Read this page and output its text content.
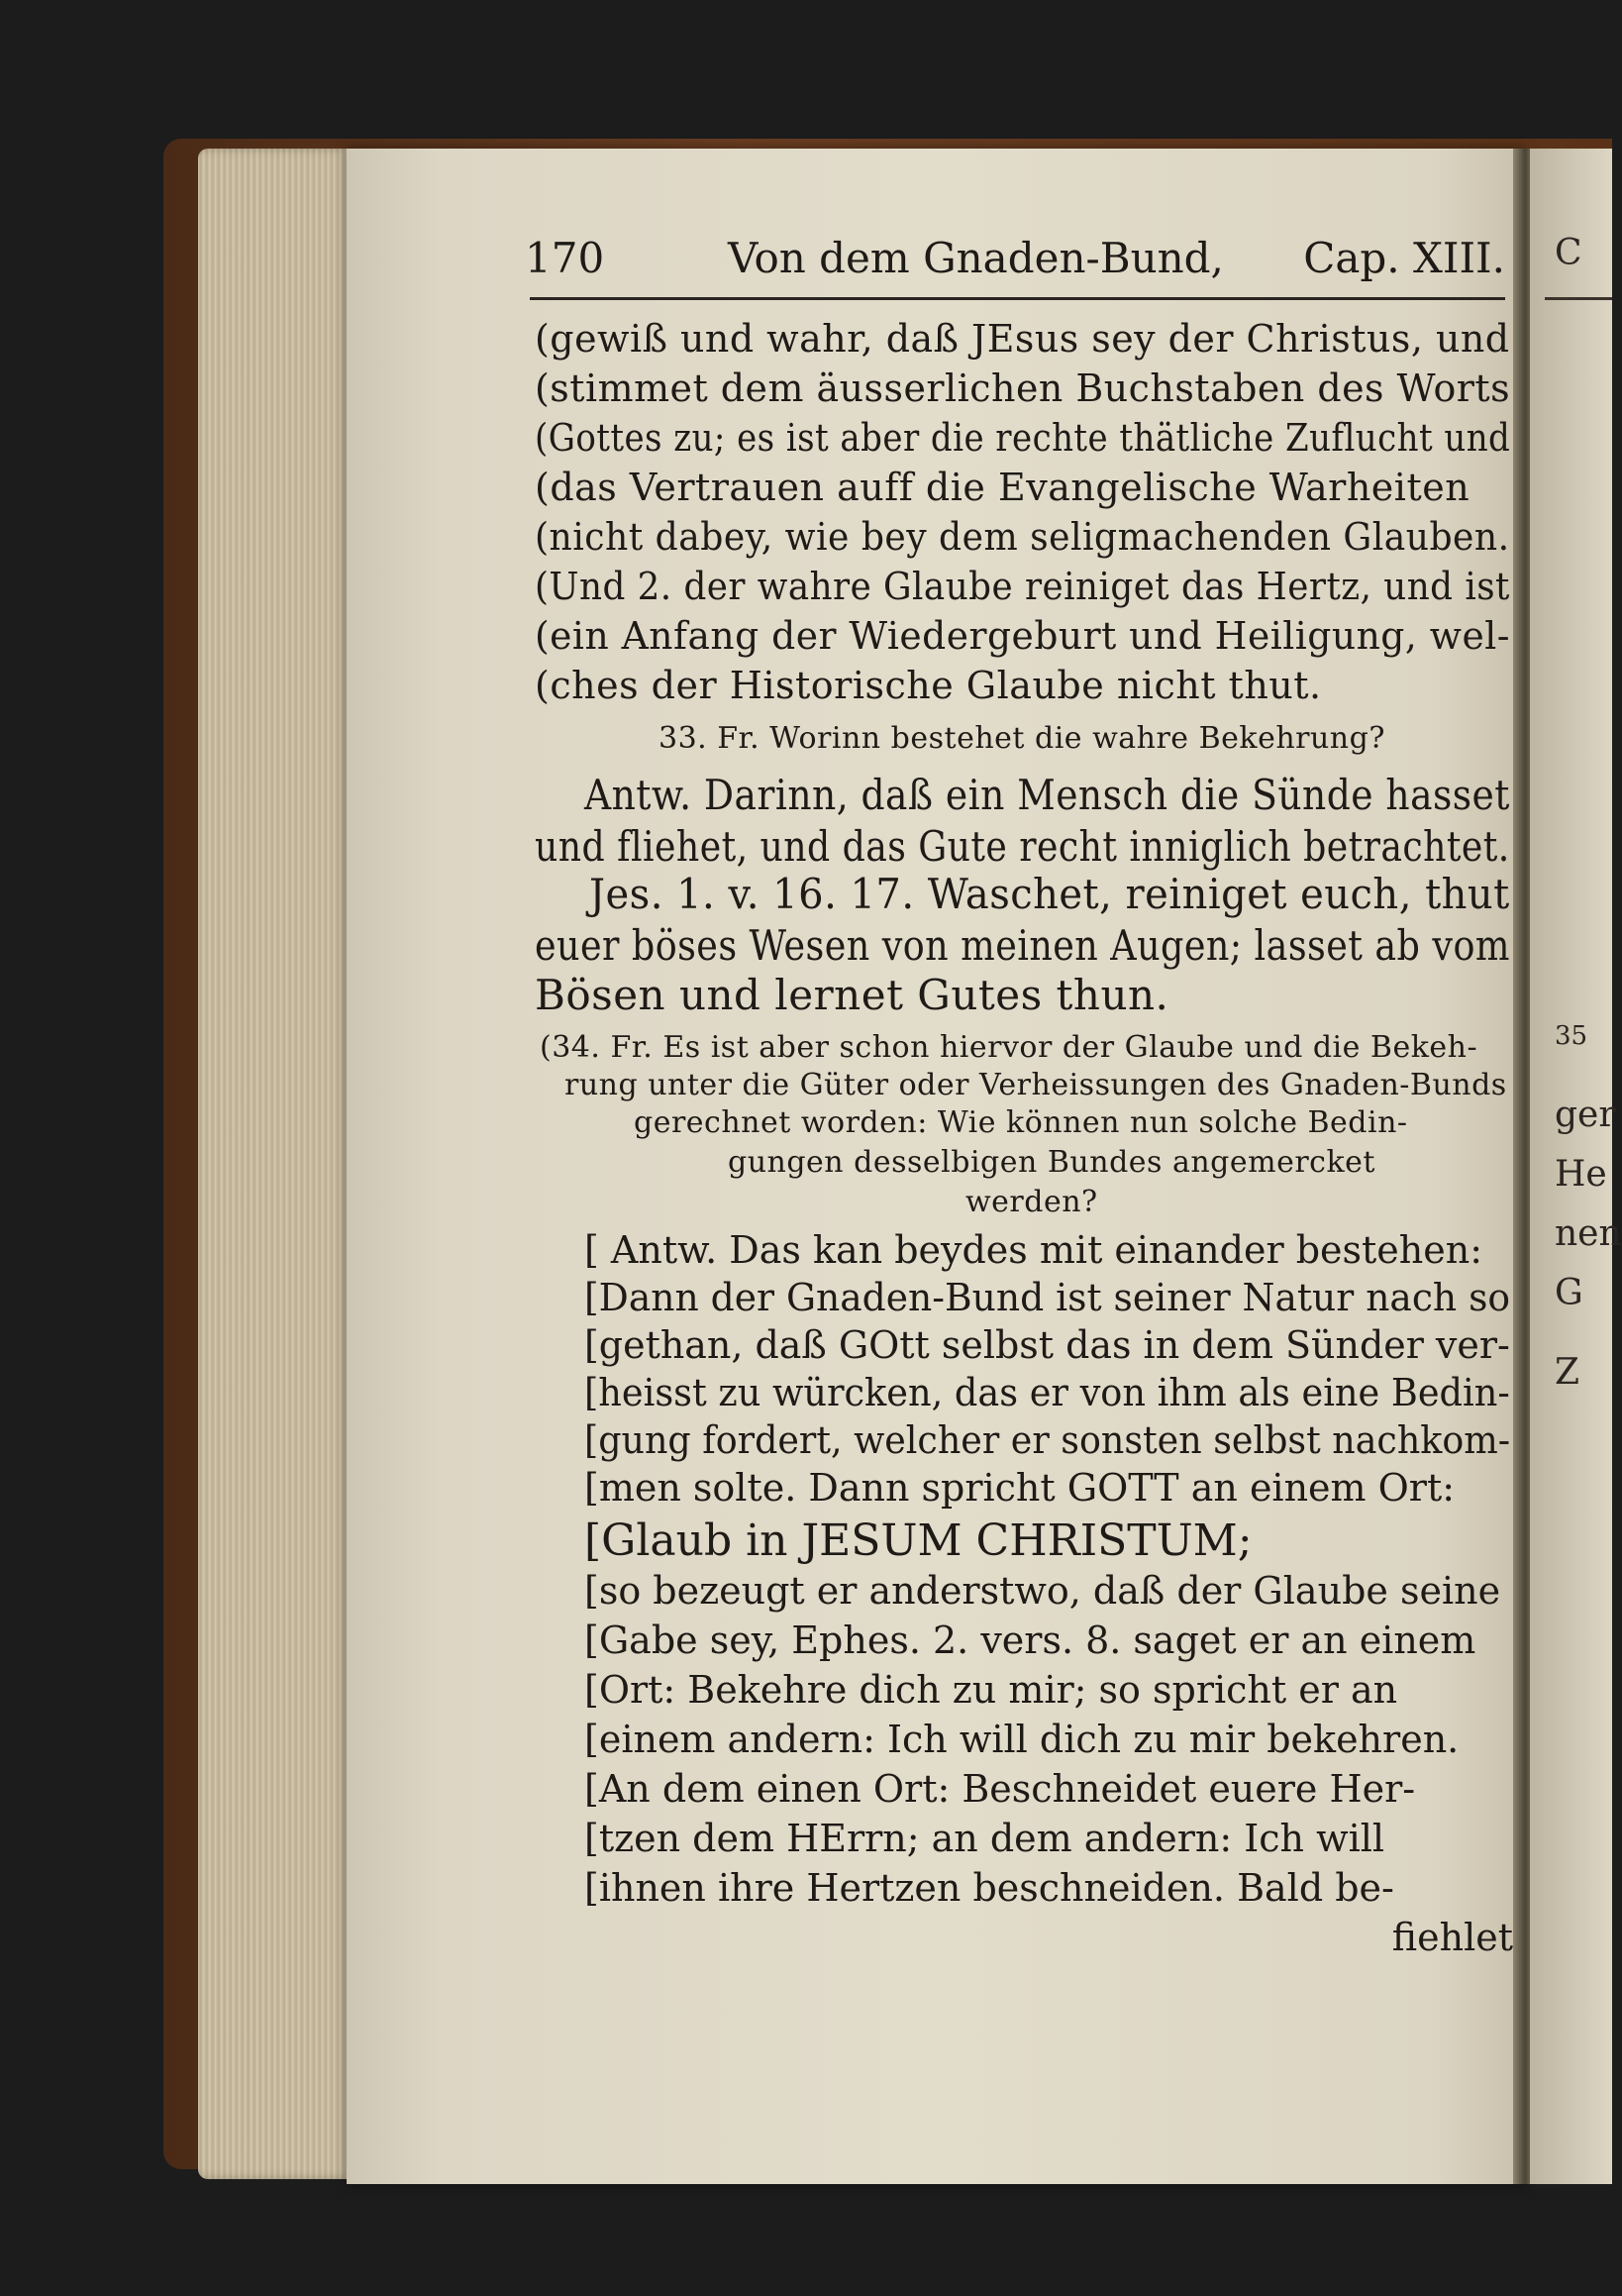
C
35
ger
He
nen
G
Z
170	Von dem Gnaden-Bund, Cap. XIII.
(gewiß und wahr, daß JEsus sey der Christus, und
(stimmet dem äusserlichen Buchstaben des Worts
(Gottes zu; es ist aber die rechte thätliche Zuflucht und
(das Vertrauen auff die Evangelische Warheiten
(nicht dabey, wie bey dem seligmachenden Glauben.
(Und 2. der wahre Glaube reiniget das Hertz, und ist
(ein Anfang der Wiedergeburt und Heiligung, wel-
(ches der Historische Glaube nicht thut.
33. Fr. Worinn bestehet die wahre Bekehrung?
Antw. Darinn, daß ein Mensch die Sünde hasset
und fliehet, und das Gute recht inniglich betrachtet.
Jes. 1. v. 16. 17. Waschet, reiniget euch, thut
euer böses Wesen von meinen Augen; lasset ab vom
Bösen und lernet Gutes thun.
(34. Fr. Es ist aber schon hiervor der Glaube und die Bekeh-
rung unter die Güter oder Verheissungen des Gnaden-Bunds
gerechnet worden: Wie können nun solche Bedin-
gungen desselbigen Bundes angemercket
werden?
[ Antw. Das kan beydes mit einander bestehen:
[Dann der Gnaden-Bund ist seiner Natur nach so
[gethan, daß GOtt selbst das in dem Sünder ver-
[heisst zu würcken, das er von ihm als eine Bedin-
[gung fordert, welcher er sonsten selbst nachkom-
[men solte. Dann spricht GOTT an einem Ort:
[Glaub in JESUM CHRISTUM;
[so bezeugt er anderstwo, daß der Glaube seine
[Gabe sey, Ephes. 2. vers. 8. saget er an einem
[Ort: Bekehre dich zu mir; so spricht er an
[einem andern: Ich will dich zu mir bekehren.
[An dem einen Ort: Beschneidet euere Her-
[tzen dem HErrn; an dem andern: Ich will
[ihnen ihre Hertzen beschneiden. Bald be-
fiehlet
